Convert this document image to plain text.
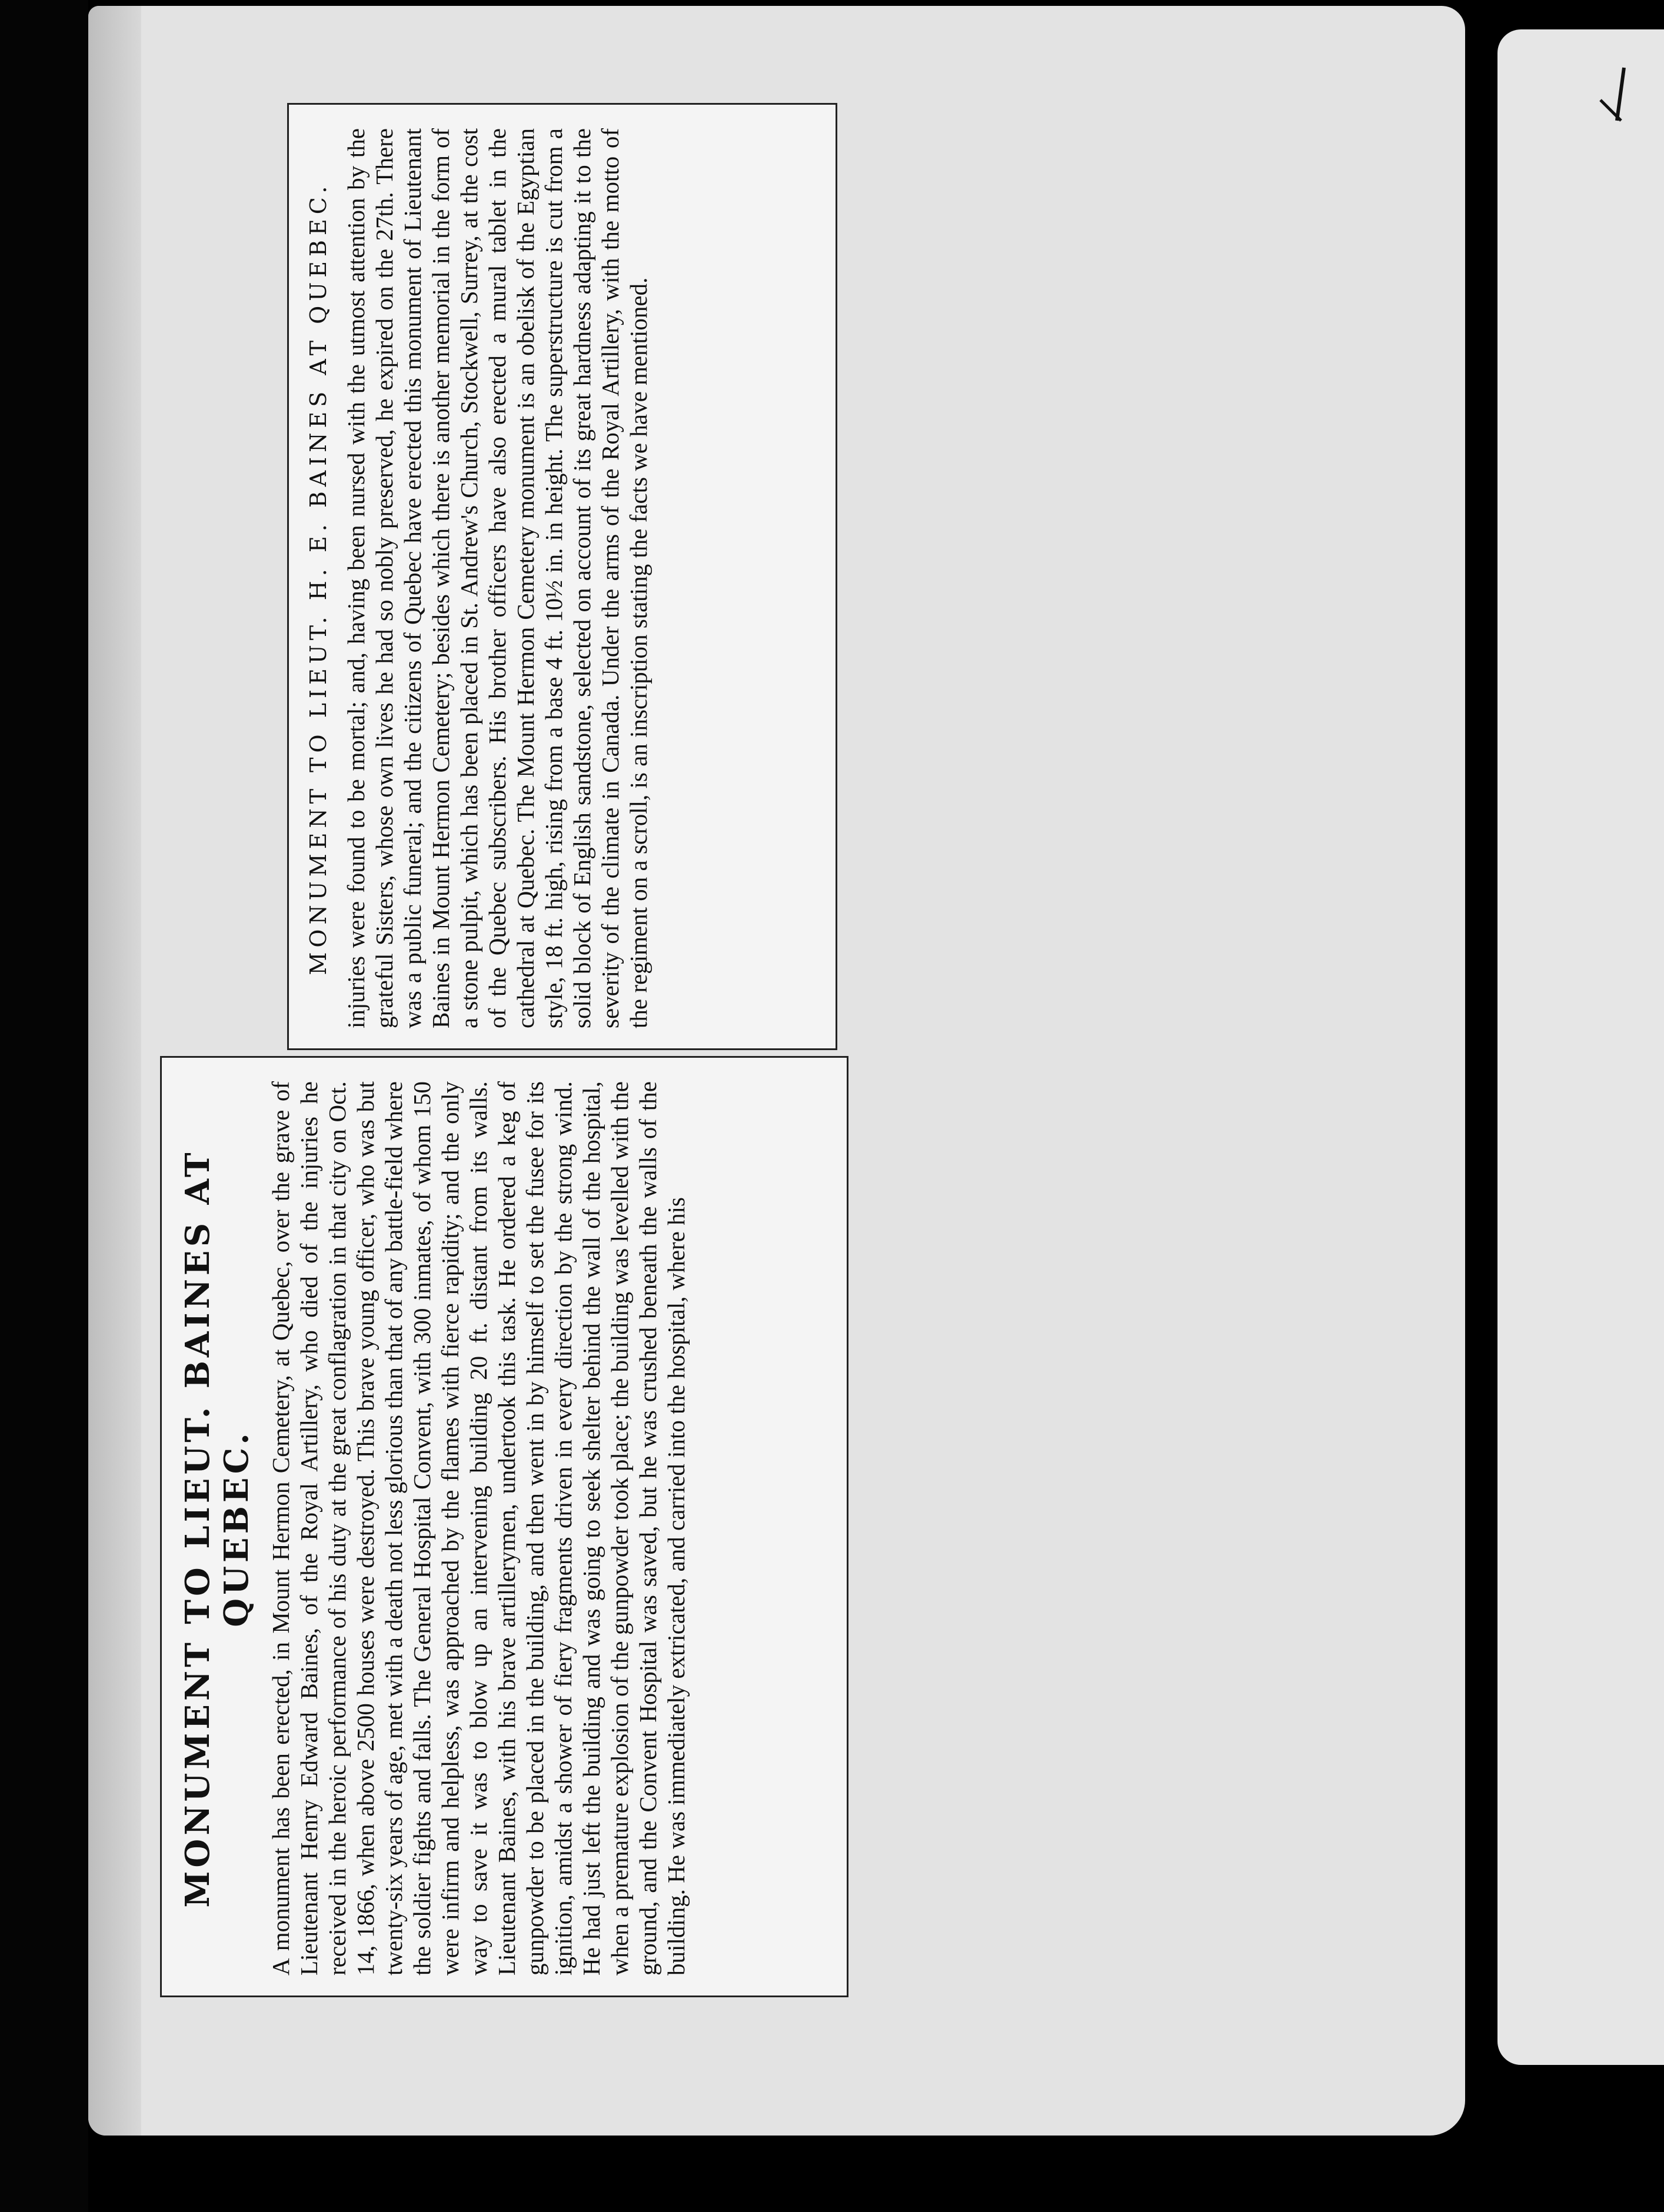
MONUMENT TO LIEUT. BAINES AT QUEBEC. A monument has been erected, in Mount Hermon Cemetery, at Quebec, over the grave of Lieutenant Henry Edward Baines, of the Royal Artillery, who died of the injuries he received in the heroic performance of his duty at the great conflagration in that city on Oct. 14, 1866, when above 2500 houses were destroyed. This brave young officer, who was but twenty-six years of age, met with a death not less glorious than that of any battle-field where the soldier fights and falls. The General Hospital Convent, with 300 inmates, of whom 150 were infirm and helpless, was approached by the flames with fierce rapidity; and the only way to save it was to blow up an intervening building 20 ft. distant from its walls. Lieutenant Baines, with his brave artillerymen, undertook this task. He ordered a keg of gunpowder to be placed in the building, and then went in by himself to set the fusee for its ignition, amidst a shower of fiery fragments driven in every direction by the strong wind. He had just left the building and was going to seek shelter behind the wall of the hospital, when a premature explosion of the gunpowder took place; the building was levelled with the ground, and the Convent Hospital was saved, but he was crushed beneath the walls of the building. He was immediately extricated, and carried into the hospital, where his

MONUMENT TO LIEUT. H. E. BAINES AT QUEBEC. injuries were found to be mortal; and, having been nursed with the utmost attention by the grateful Sisters, whose own lives he had so nobly preserved, he expired on the 27th. There was a public funeral; and the citizens of Quebec have erected this monument of Lieutenant Baines in Mount Hermon Cemetery; besides which there is another memorial in the form of a stone pulpit, which has been placed in St. Andrew's Church, Stockwell, Surrey, at the cost of the Quebec subscribers. His brother officers have also erected a mural tablet in the cathedral at Quebec. The Mount Hermon Cemetery monument is an obelisk of the Egyptian style, 18 ft. high, rising from a base 4 ft. 10½ in. in height. The superstructure is cut from a solid block of English sandstone, selected on account of its great hardness adapting it to the severity of the climate in Canada. Under the arms of the Royal Artillery, with the motto of the regiment on a scroll, is an inscription stating the facts we have mentioned.
